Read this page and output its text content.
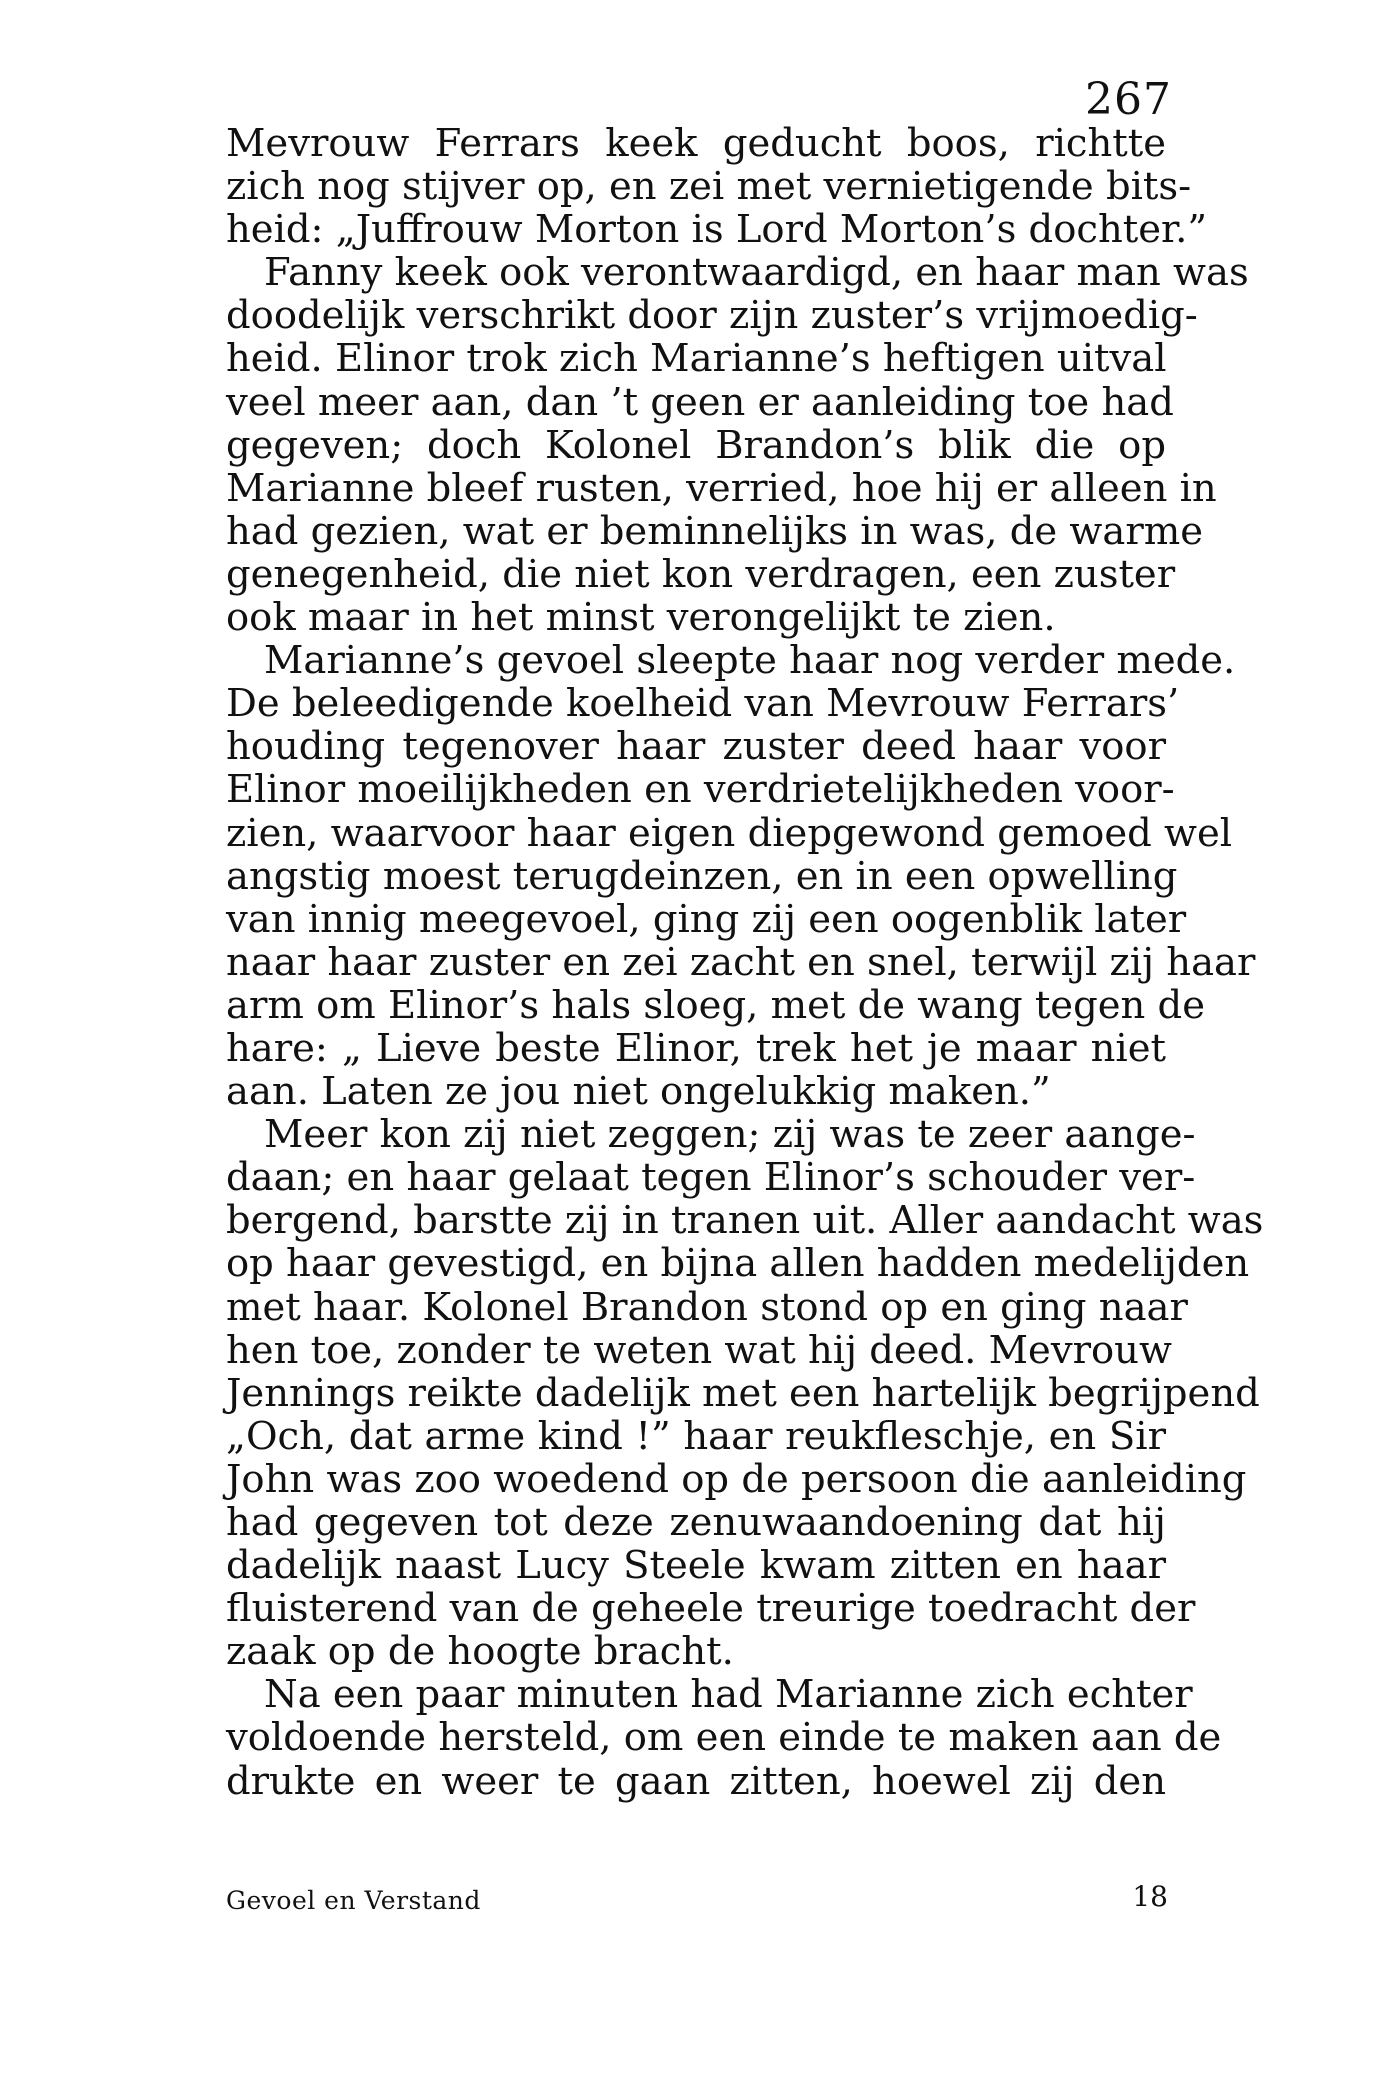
267
Mevrouw Ferrars keek geducht boos, richtte
zich nog stijver op, en zei met vernietigende bits-
heid: „Juffrouw Morton is Lord Morton’s dochter.”
Fanny keek ook verontwaardigd, en haar man was
doodelijk verschrikt door zijn zuster’s vrijmoedig-
heid. Elinor trok zich Marianne’s heftigen uitval
veel meer aan, dan ’t geen er aanleiding toe had
gegeven; doch Kolonel Brandon’s blik die op
Marianne bleef rusten, verried, hoe hij er alleen in
had gezien, wat er beminnelijks in was, de warme
genegenheid, die niet kon verdragen, een zuster
ook maar in het minst verongelijkt te zien.
Marianne’s gevoel sleepte haar nog verder mede.
De beleedigende koelheid van Mevrouw Ferrars’
houding tegenover haar zuster deed haar voor
Elinor moeilijkheden en verdrietelijkheden voor-
zien, waarvoor haar eigen diepgewond gemoed wel
angstig moest terugdeinzen, en in een opwelling
van innig meegevoel, ging zij een oogenblik later
naar haar zuster en zei zacht en snel, terwijl zij haar
arm om Elinor’s hals sloeg, met de wang tegen de
hare: „ Lieve beste Elinor, trek het je maar niet
aan. Laten ze jou niet ongelukkig maken.”
Meer kon zij niet zeggen; zij was te zeer aange-
daan; en haar gelaat tegen Elinor’s schouder ver-
bergend, barstte zij in tranen uit. Aller aandacht was
op haar gevestigd, en bijna allen hadden medelijden
met haar. Kolonel Brandon stond op en ging naar
hen toe, zonder te weten wat hij deed. Mevrouw
Jennings reikte dadelijk met een hartelijk begrijpend
„Och, dat arme kind !” haar reukfleschje, en Sir
John was zoo woedend op de persoon die aanleiding
had gegeven tot deze zenuwaandoening dat hij
dadelijk naast Lucy Steele kwam zitten en haar
fluisterend van de geheele treurige toedracht der
zaak op de hoogte bracht.
Na een paar minuten had Marianne zich echter
voldoende hersteld, om een einde te maken aan de
drukte en weer te gaan zitten, hoewel zij den
Gevoel en Verstand	18
